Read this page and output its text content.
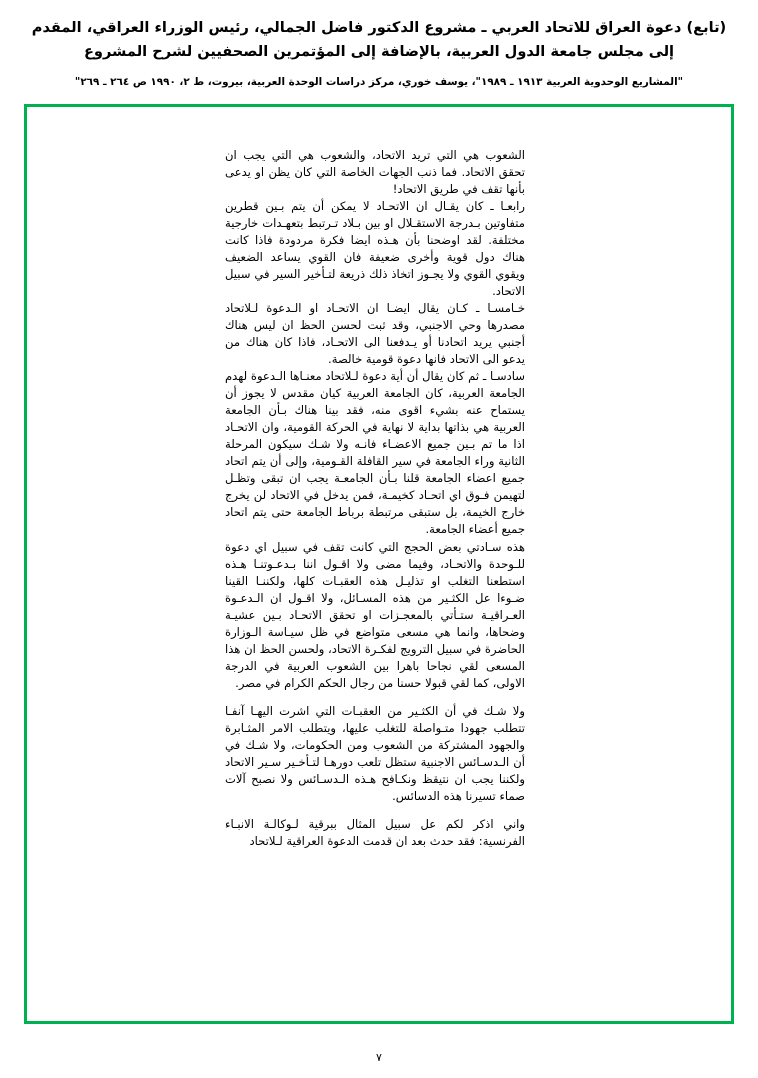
(تابع) دعوة العراق للاتحاد العربي ـ مشروع الدكتور فاضل الجمالي، رئيس الوزراء العراقي، المقدم إلى مجلس جامعة الدول العربية، بالإضافة إلى المؤتمرين الصحفيين لشرح المشروع
"المشاريع الوحدوية العربية ١٩١٣ ـ ١٩٨٩"، يوسف خوري، مركز دراسات الوحدة العربية، بيروت، ط ٢، ١٩٩٠ ص ٢٦٤ ـ ٢٦٩"

الشعوب هي التي تريد الاتحاد، والشعوب هي التي يجب ان تحقق الاتحاد. فما ذنب الجهات الخاصة التي كان يظن او يدعى بأنها تقف في طريق الاتحاد!

رابعـا ـ كان يقـال ان الاتحـاد لا يمكن أن يتم بـين قطرين متفاوتين بـدرجة الاستقـلال او بين بـلاد تـرتبط بتعهـدات خارجية مختلفة. لقد اوضحنا بأن هـذه ايضا فكرة مردودة فاذا كانت هناك دول قوية وأخرى ضعيفة فان القوي يساعد الضعيف ويقوي القوي ولا يجـوز اتخاذ ذلك ذريعة لتـأخير السير في سبيل الاتحاد.

خـامسـا ـ كـان يقال ايضـا ان الاتحـاد او الـدعوة لـلاتحاد مصدرها وحي الاجنبي، وقد ثبت لحسن الحظ ان ليس هناك أجنبي يريد اتحادنا أو يـدفعنا الى الاتحـاد، فاذا كان هناك من يدعو الى الاتحاد فانها دعوة قومية خالصة.

سادسـا ـ ثم كان يقال أن أية دعوة لـلاتحاد معنـاها الـدعوة لهدم الجامعة العربية، كان الجامعة العربية كيان مقدس لا يجوز أن يستماح عنه بشيء اقوى منه، فقد بينا هناك بـأن الجامعة العربية هي بذاتها بداية لا نهاية في الحركة القومية، وان الاتحـاد اذا ما تم بـين جميع الاعضـاء فانـه ولا شـك سيكون المرحلة الثانية وراء الجامعة في سير القافلة القـومية، وإلى أن يتم اتحاد جميع اعضاء الجامعة قلنا بـأن الجامعـة يجب ان تبقى وتظـل لتهيمن فـوق اي اتحـاد كخيمـة، فمن يدخل في الاتحاد لن يخرج خارج الخيمة، بل ستبقى مرتبطة برباط الجامعة حتى يتم اتحاد جميع أعضاء الجامعة.

هذه سـادتي بعض الحجج التي كانت تقف في سبيل اي دعوة للـوحدة والاتحـاد، وفيما مضى ولا اقـول اننا بـدعـوتنـا هـذه استطعنا التغلب او تذليـل هذه العقبـات كلها، ولكننـا القينا ضـوءا عل الكثـير من هذه المسـائل، ولا اقـول ان الـدعـوة العـراقيـة ستـأتي بالمعجـزات او تحقق الاتحـاد بـين عشيـة وضحاها، وانما هي مسعى متواضع في ظل سيـاسة الـوزارة الحاضرة في سبيل الترويج لفكـرة الاتحاد، ولحسن الحظ ان هذا المسعى لقي نجاحا باهرا بين الشعوب العربية في الدرجة الاولى، كما لقي قبولا حسنا من رجال الحكم الكرام في مصر.

ولا شـك في أن الكثـير من العقبـات التي اشرت اليهـا آنفـا تتطلب جهودا متـواصلة للتغلب عليها، ويتطلب الامر المثـابرة والجهود المشتركة من الشعوب ومن الحكومات، ولا شـك في أن الـدسـائس الاجنبية ستظل تلعب دورهـا لتـأخـير سـير الاتحاد ولكننا يجب ان نتيقظ ونكـافح هـذه الـدسـائس ولا نصبح آلات صماء تسيرنا هذه الدسائس.

واني اذكر لكم عل سبيل المثال ببرقية لـوكالـة الانبـاء الفرنسية: فقد حدث بعد ان قدمت الدعوة العراقية لـلاتحاد

٧
